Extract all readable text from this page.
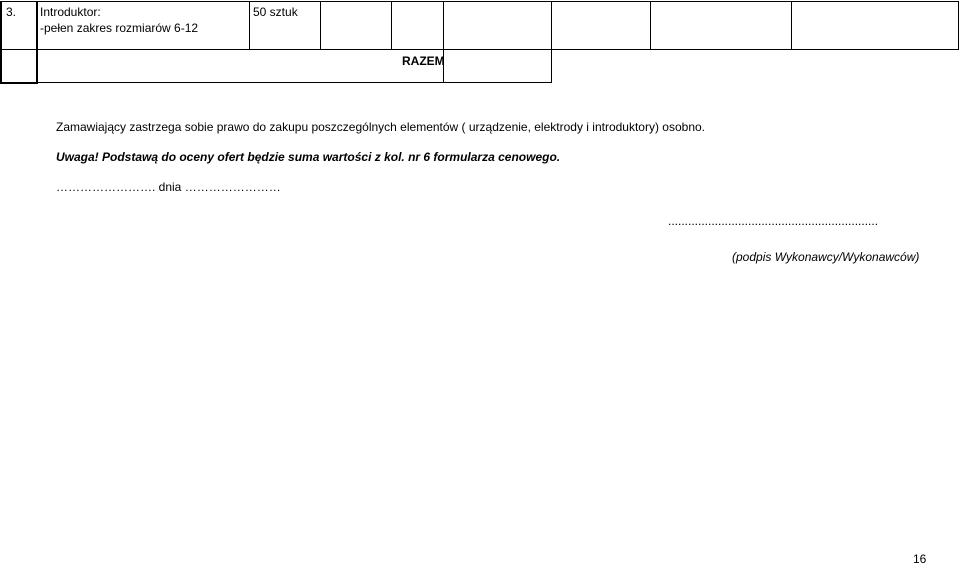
3. Introduktor:
-pełen zakres rozmiarów 6-12
50 sztuk
RAZEM
Zamawiający zastrzega sobie prawo do zakupu poszczególnych elementów ( urządzenie, elektrody i introduktory) osobno.
Uwaga! Podstawą do oceny ofert będzie suma wartości z kol. nr 6 formularza cenowego.
……………………. dnia ……………………
...............................................................
(podpis Wykonawcy/Wykonawców)
16
